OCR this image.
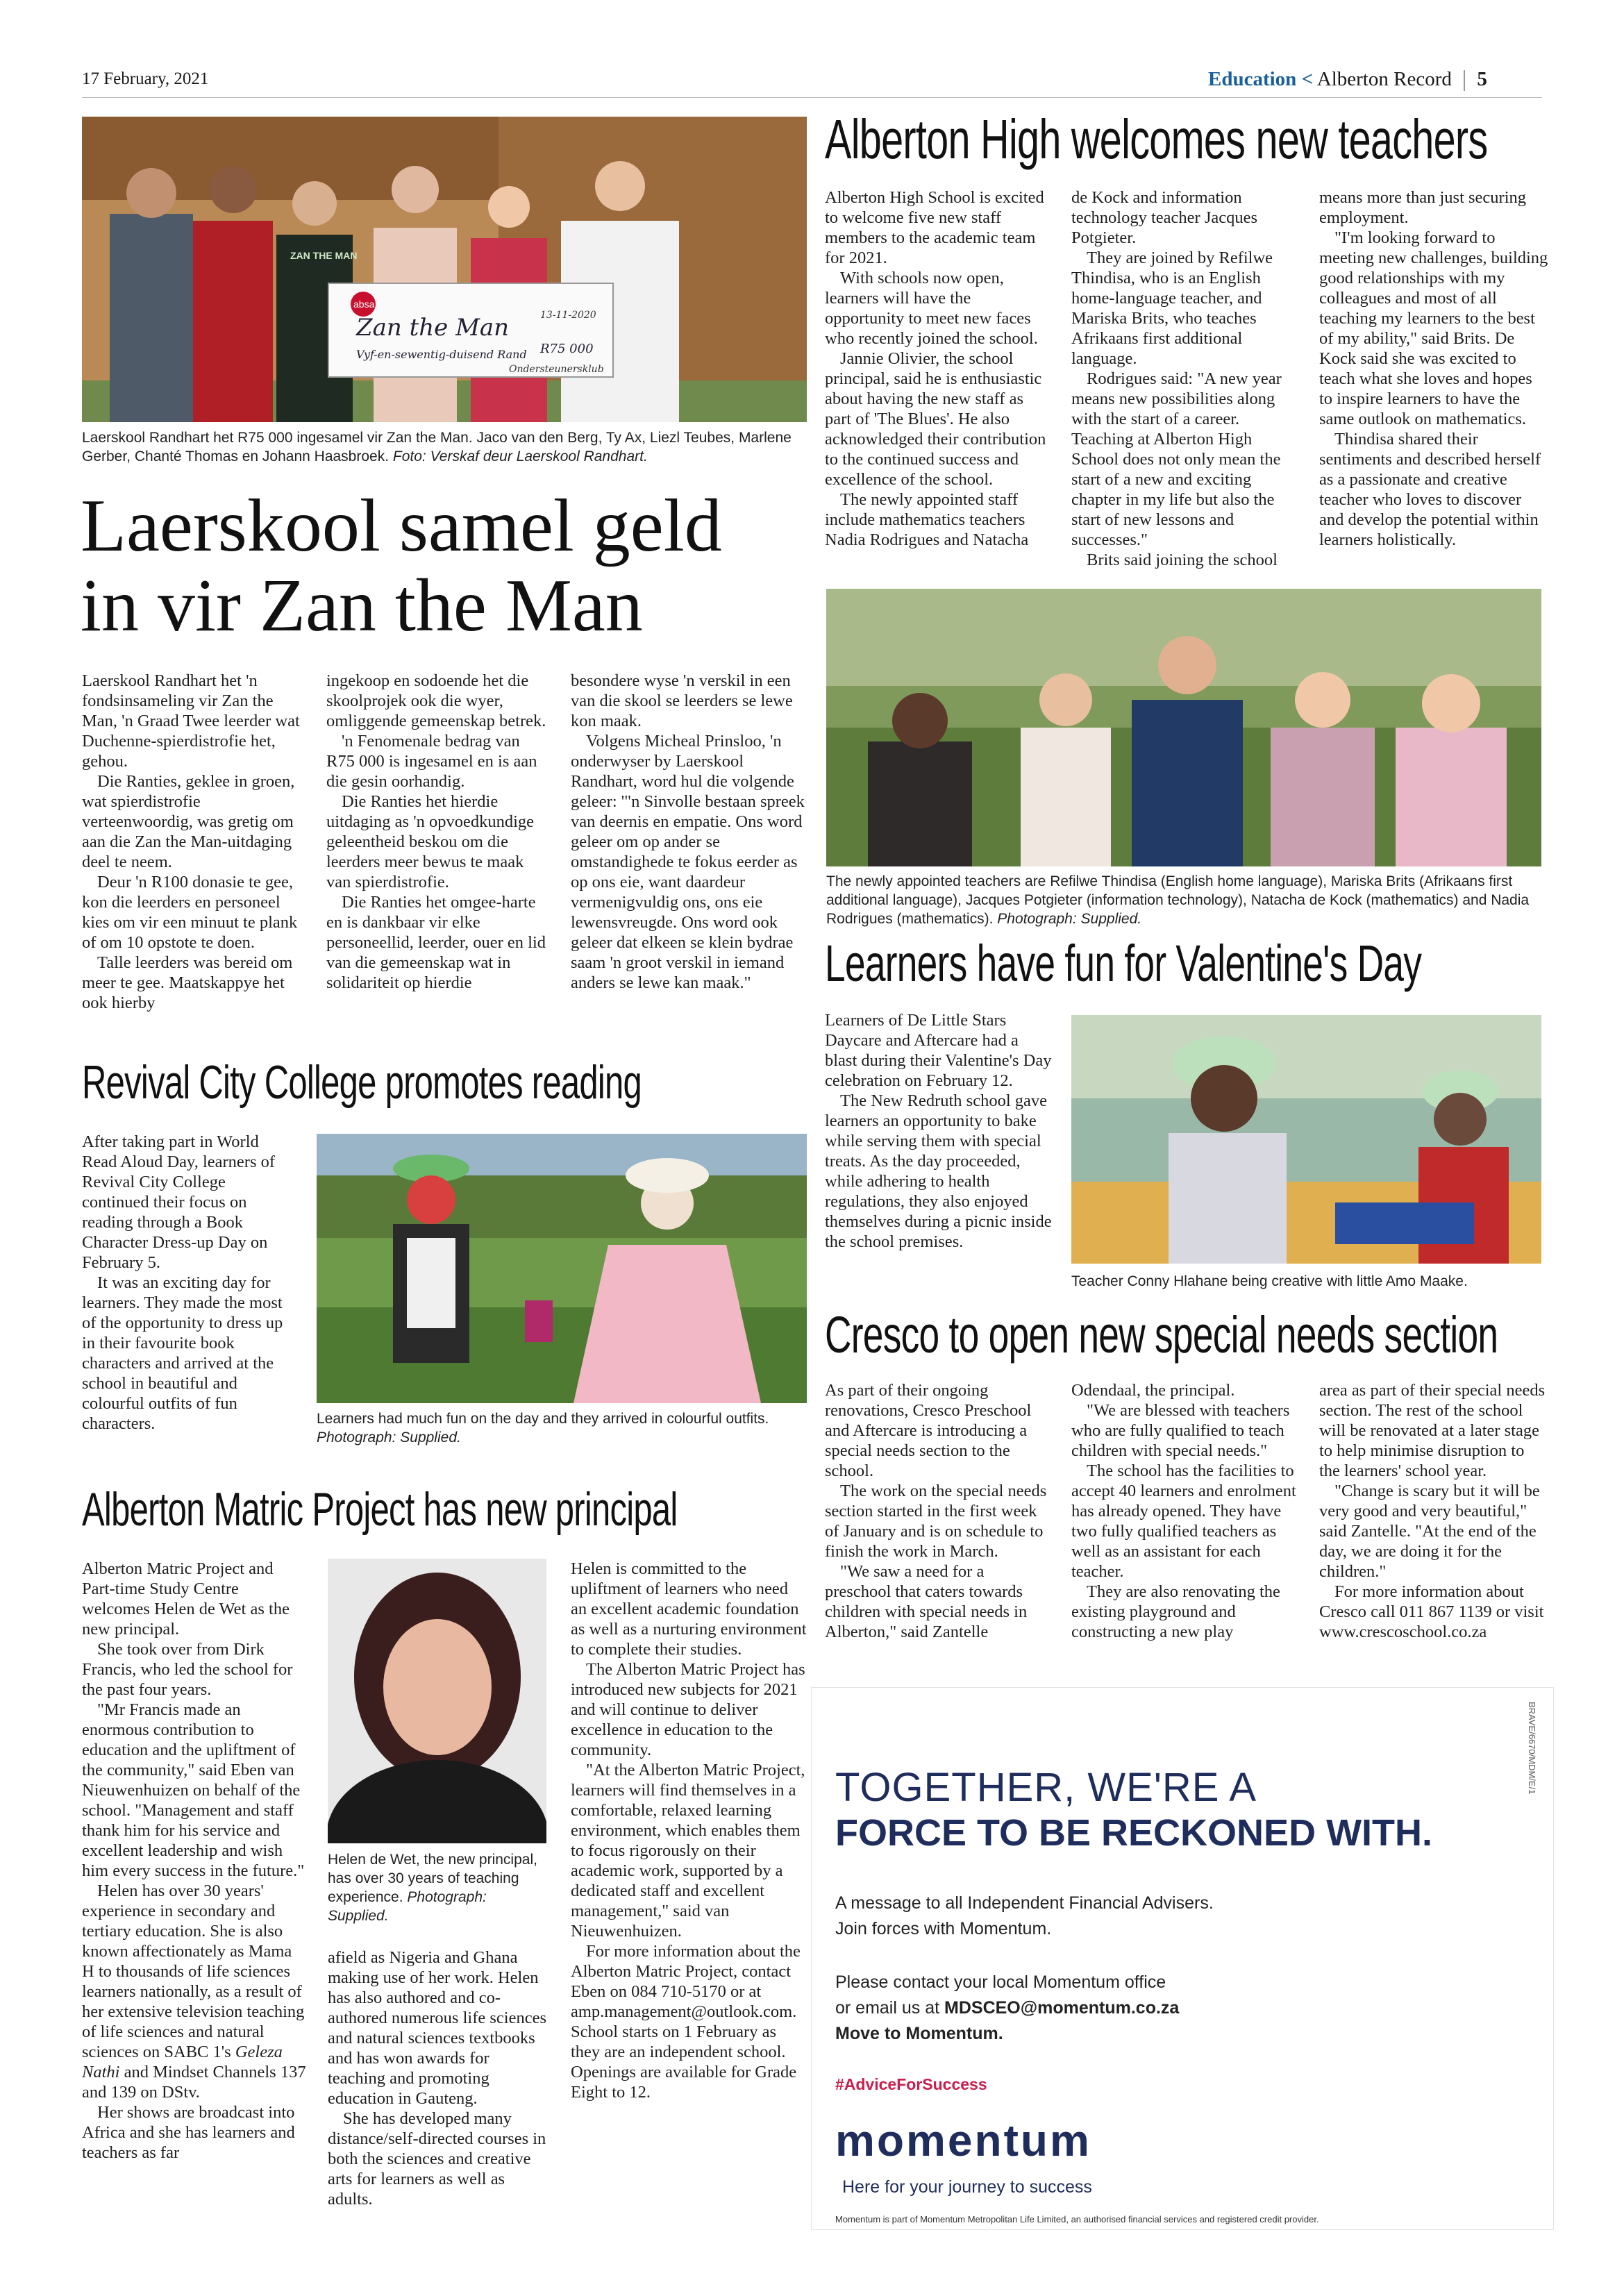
17 February, 2021	Education < Alberton Record 5
absa
Zan the Man
Vyf-en-sewentig-duisend Rand R75 000
13-11-2020
Ondersteunersklub
ZAN THE MAN
Laerskool Randhart het R75 000 ingesamel vir Zan the Man. Jaco van den Berg, Ty Ax, Liezl Teubes, Marlene Gerber, Chanté Thomas en Johann Haasbroek. Foto: Verskaf deur Laerskool Randhart.
Laerskool samel geld
in vir Zan the Man

Laerskool Randhart het 'n fondsinsameling vir Zan the Man, 'n Graad Twee leerder wat Duchenne-spierdistrofie het, gehou.

Die Ranties, geklee in groen, wat spierdistrofie verteenwoordig, was gretig om aan die Zan the Man-uitdaging deel te neem.

Deur 'n R100 donasie te gee, kon die leerders en personeel kies om vir een minuut te plank of om 10 opstote te doen.

Talle leerders was bereid om meer te gee. Maatskappye het ook hierby

ingekoop en sodoende het die skoolprojek ook die wyer, omliggende gemeenskap betrek.

'n Fenomenale bedrag van R75 000 is ingesamel en is aan die gesin oorhandig.

Die Ranties het hierdie uitdaging as 'n opvoedkundige geleentheid beskou om die leerders meer bewus te maak van spierdistrofie.

Die Ranties het omgee-harte en is dankbaar vir elke personeellid, leerder, ouer en lid van die gemeenskap wat in solidariteit op hierdie

besondere wyse 'n verskil in een van die skool se leerders se lewe kon maak.

Volgens Micheal Prinsloo, 'n onderwyser by Laerskool Randhart, word hul die volgende geleer: '"n Sinvolle bestaan spreek van deernis en empatie. Ons word geleer om op ander se omstandighede te fokus eerder as op ons eie, want daardeur vermenigvuldig ons, ons eie lewensvreugde. Ons word ook geleer dat elkeen se klein bydrae saam 'n groot verskil in iemand anders se lewe kan maak."

Revival City College promotes reading

After taking part in World Read Aloud Day, learners of Revival City College continued their focus on reading through a Book Character Dress-up Day on February 5.

It was an exciting day for learners. They made the most of the opportunity to dress up in their favourite book characters and arrived at the school in beautiful and colourful outfits of fun characters.	Learners had much fun on the day and they arrived in colourful outfits. Photograph: Supplied.
Alberton Matric Project has new principal

Alberton Matric Project and Part-time Study Centre welcomes Helen de Wet as the new principal.

She took over from Dirk Francis, who led the school for the past four years.

"Mr Francis made an enormous contribution to education and the upliftment of the community," said Eben van Nieuwenhuizen on behalf of the school. "Management and staff thank him for his service and excellent leadership and wish him every success in the future."

Helen has over 30 years' experience in secondary and tertiary education. She is also known affectionately as Mama H to thousands of life sciences learners nationally, as a result of her extensive television teaching of life sciences and natural sciences on SABC 1's Geleza Nathi and Mindset Channels 137 and 139 on DStv.

Her shows are broadcast into Africa and she has learners and teachers as far

Helen de Wet, the new principal, has over 30 years of teaching experience. Photograph: Supplied.

afield as Nigeria and Ghana making use of her work. Helen has also authored and co-authored numerous life sciences and natural sciences textbooks and has won awards for teaching and promoting education in Gauteng.

She has developed many distance/self-directed courses in both the sciences and creative arts for learners as well as adults.

Helen is committed to the upliftment of learners who need an excellent academic foundation as well as a nurturing environment to complete their studies.

The Alberton Matric Project has introduced new subjects for 2021 and will continue to deliver excellence in education to the community.

"At the Alberton Matric Project, learners will find themselves in a comfortable, relaxed learning environment, which enables them to focus rigorously on their academic work, supported by a dedicated staff and excellent management," said van Nieuwenhuizen.

For more information about the Alberton Matric Project, contact Eben on 084 710-5170 or at amp.management@outlook.com. School starts on 1 February as they are an independent school. Openings are available for Grade Eight to 12.

Alberton High welcomes new teachers

Alberton High School is excited to welcome five new staff members to the academic team for 2021.

With schools now open, learners will have the opportunity to meet new faces who recently joined the school.

Jannie Olivier, the school principal, said he is enthusiastic about having the new staff as part of 'The Blues'. He also acknowledged their contribution to the continued success and excellence of the school.

The newly appointed staff include mathematics teachers Nadia Rodrigues and Natacha

de Kock and information technology teacher Jacques Potgieter.

They are joined by Refilwe Thindisa, who is an English home-language teacher, and Mariska Brits, who teaches Afrikaans first additional language.

Rodrigues said: "A new year means new possibilities along with the start of a career. Teaching at Alberton High School does not only mean the start of a new and exciting chapter in my life but also the start of new lessons and successes."

Brits said joining the school

means more than just securing employment.

"I'm looking forward to meeting new challenges, building good relationships with my colleagues and most of all teaching my learners to the best of my ability," said Brits. De Kock said she was excited to teach what she loves and hopes to inspire learners to have the same outlook on mathematics.

Thindisa shared their sentiments and described herself as a passionate and creative teacher who loves to discover and develop the potential within learners holistically.

The newly appointed teachers are Refilwe Thindisa (English home language), Mariska Brits (Afrikaans first additional language), Jacques Potgieter (information technology), Natacha de Kock (mathematics) and Nadia Rodrigues (mathematics). Photograph: Supplied.
Learners have fun for Valentine's Day

Learners of De Little Stars Daycare and Aftercare had a blast during their Valentine's Day celebration on February 12.

The New Redruth school gave learners an opportunity to bake while serving them with special treats. As the day proceeded, while adhering to health regulations, they also enjoyed themselves during a picnic inside the school premises.

Teacher Conny Hlahane being creative with little Amo Maake.
Cresco to open new special needs section

As part of their ongoing renovations, Cresco Preschool and Aftercare is introducing a special needs section to the school.

The work on the special needs section started in the first week of January and is on schedule to finish the work in March.

"We saw a need for a preschool that caters towards children with special needs in Alberton," said Zantelle

Odendaal, the principal.

"We are blessed with teachers who are fully qualified to teach children with special needs."

The school has the facilities to accept 40 learners and enrolment has already opened. They have two fully qualified teachers as well as an assistant for each teacher.

They are also renovating the existing playground and constructing a new play

area as part of their special needs section. The rest of the school will be renovated at a later stage to help minimise disruption to the learners' school year.

"Change is scary but it will be very good and very beautiful," said Zantelle. "At the end of the day, we are doing it for the children."

For more information about Cresco call 011 867 1139 or visit www.crescoschool.co.za

BRAVE/6670/MDM/E/1
TOGETHER, WE'RE A
FORCE TO BE RECKONED WITH.
A message to all Independent Financial Advisers.
Join forces with Momentum.
Please contact your local Momentum office
or email us at MDSCEO@momentum.co.za
Move to Momentum.
#AdviceForSuccess
momentum
Here for your journey to success
Momentum is part of Momentum Metropolitan Life Limited, an authorised financial services and registered credit provider.
